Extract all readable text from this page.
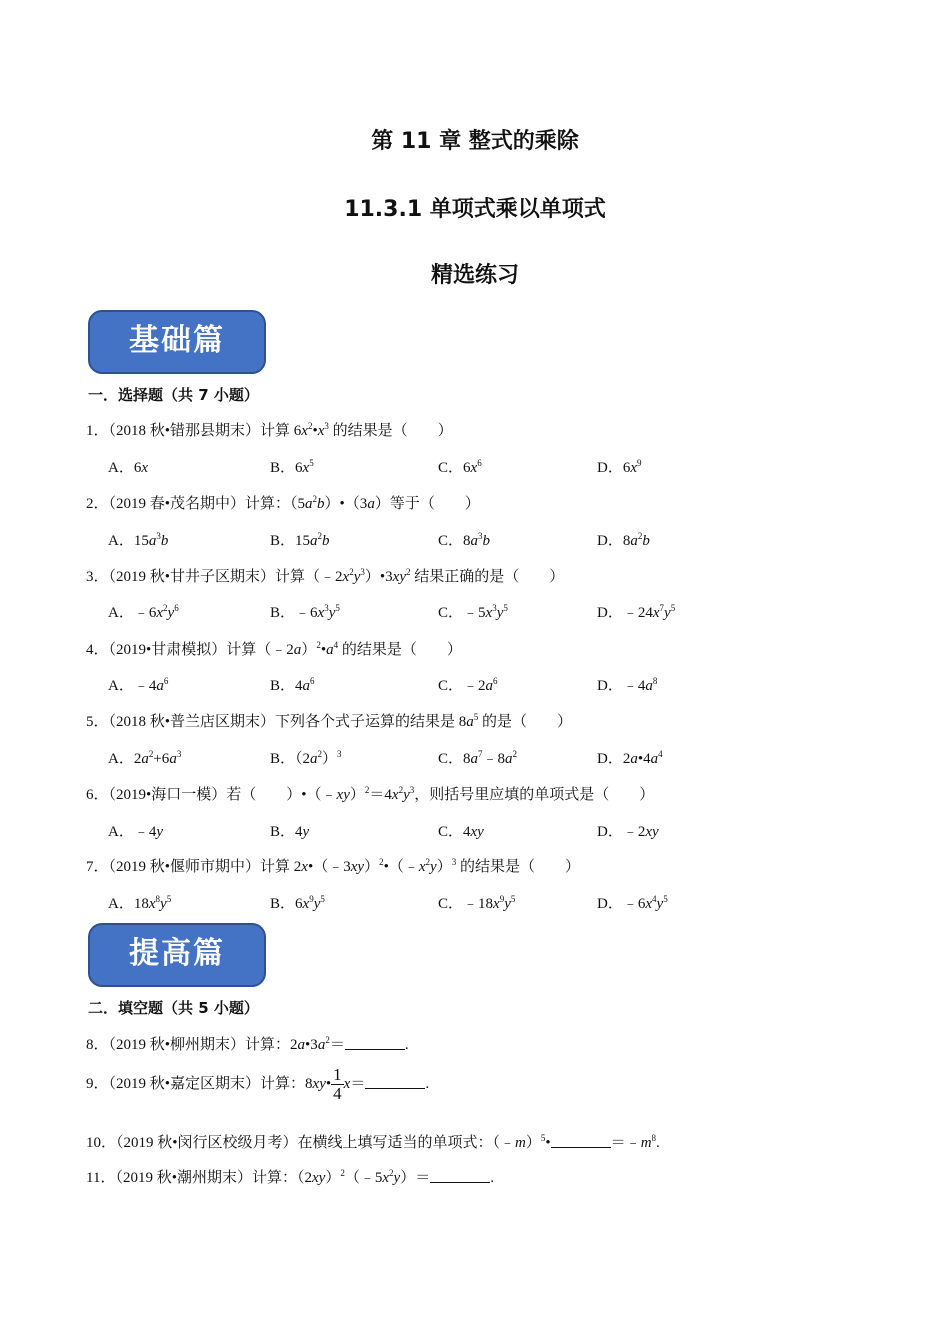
第 11 章 整式的乘除
11.3.1 单项式乘以单项式
精选练习
基础篇
一．选择题（共 7 小题）
1．（2018 秋•错那县期末）计算 $6x^2•x^3$ 的结果是（　　）
A．6x	B．$6x^5$	C．$6x^6$	D．$6x^9$
2．（2019 春•茂名期中）计算：$(5a^2b)•(3a)$等于（　　）
A．$15a^3b$	B．$15a^2b$	C．$8a^3b$	D．$8a^2b$
3．（2019 秋•甘井子区期末）计算$(﹣2x^2y^3)•3xy^2$ 结果正确的是（　　）
A．$﹣6x^2y^6$	B．$﹣6x^3y^5$	C．$﹣5x^3y^5$	D．$﹣24x^7y^5$
4．（2019•甘肃模拟）计算$(﹣2a)^2•a^4$ 的结果是（　　）
A．$﹣4a^6$	B．$4a^6$	C．$﹣2a^6$	D．$﹣4a^8$
5．（2018 秋•普兰店区期末）下列各个式子运算的结果是 $8a^5$ 的是（　　）
A．$2a^2+6a^3$	B．$(2a^2)^3$	C．$8a^7﹣8a^2$	D．$2a•4a^4$
6．（2019•海口一模）若（　　）$•(﹣xy)^2=4x^2y^3$，则括号里应填的单项式是（　　）
A．﹣4y	B．4y	C．4xy	D．﹣2xy
7．（2019 秋•偃师市期中）计算 $2x•(﹣3xy)^2•(﹣x^2y)^3$ 的结果是（　　）
A．$18x^8y^5$	B．$6x^9y^5$	C．$﹣18x^9y^5$	D．$﹣6x^4y^5$
提高篇
二．填空题（共 5 小题）
8．（2019 秋•柳州期末）计算：$2a•3a^2=$	.
9．（2019 秋•嘉定区期末）计算：8xy• $\frac{1}{4} x=$	.
10．（2019 秋•闵行区校级月考）在横线上填写适当的单项式：（﹣m）$^5$•	$=﹣m^8$.
11．（2019 秋•潮州期末）计算：$(2xy)^2(﹣5x^2y)=$	.
